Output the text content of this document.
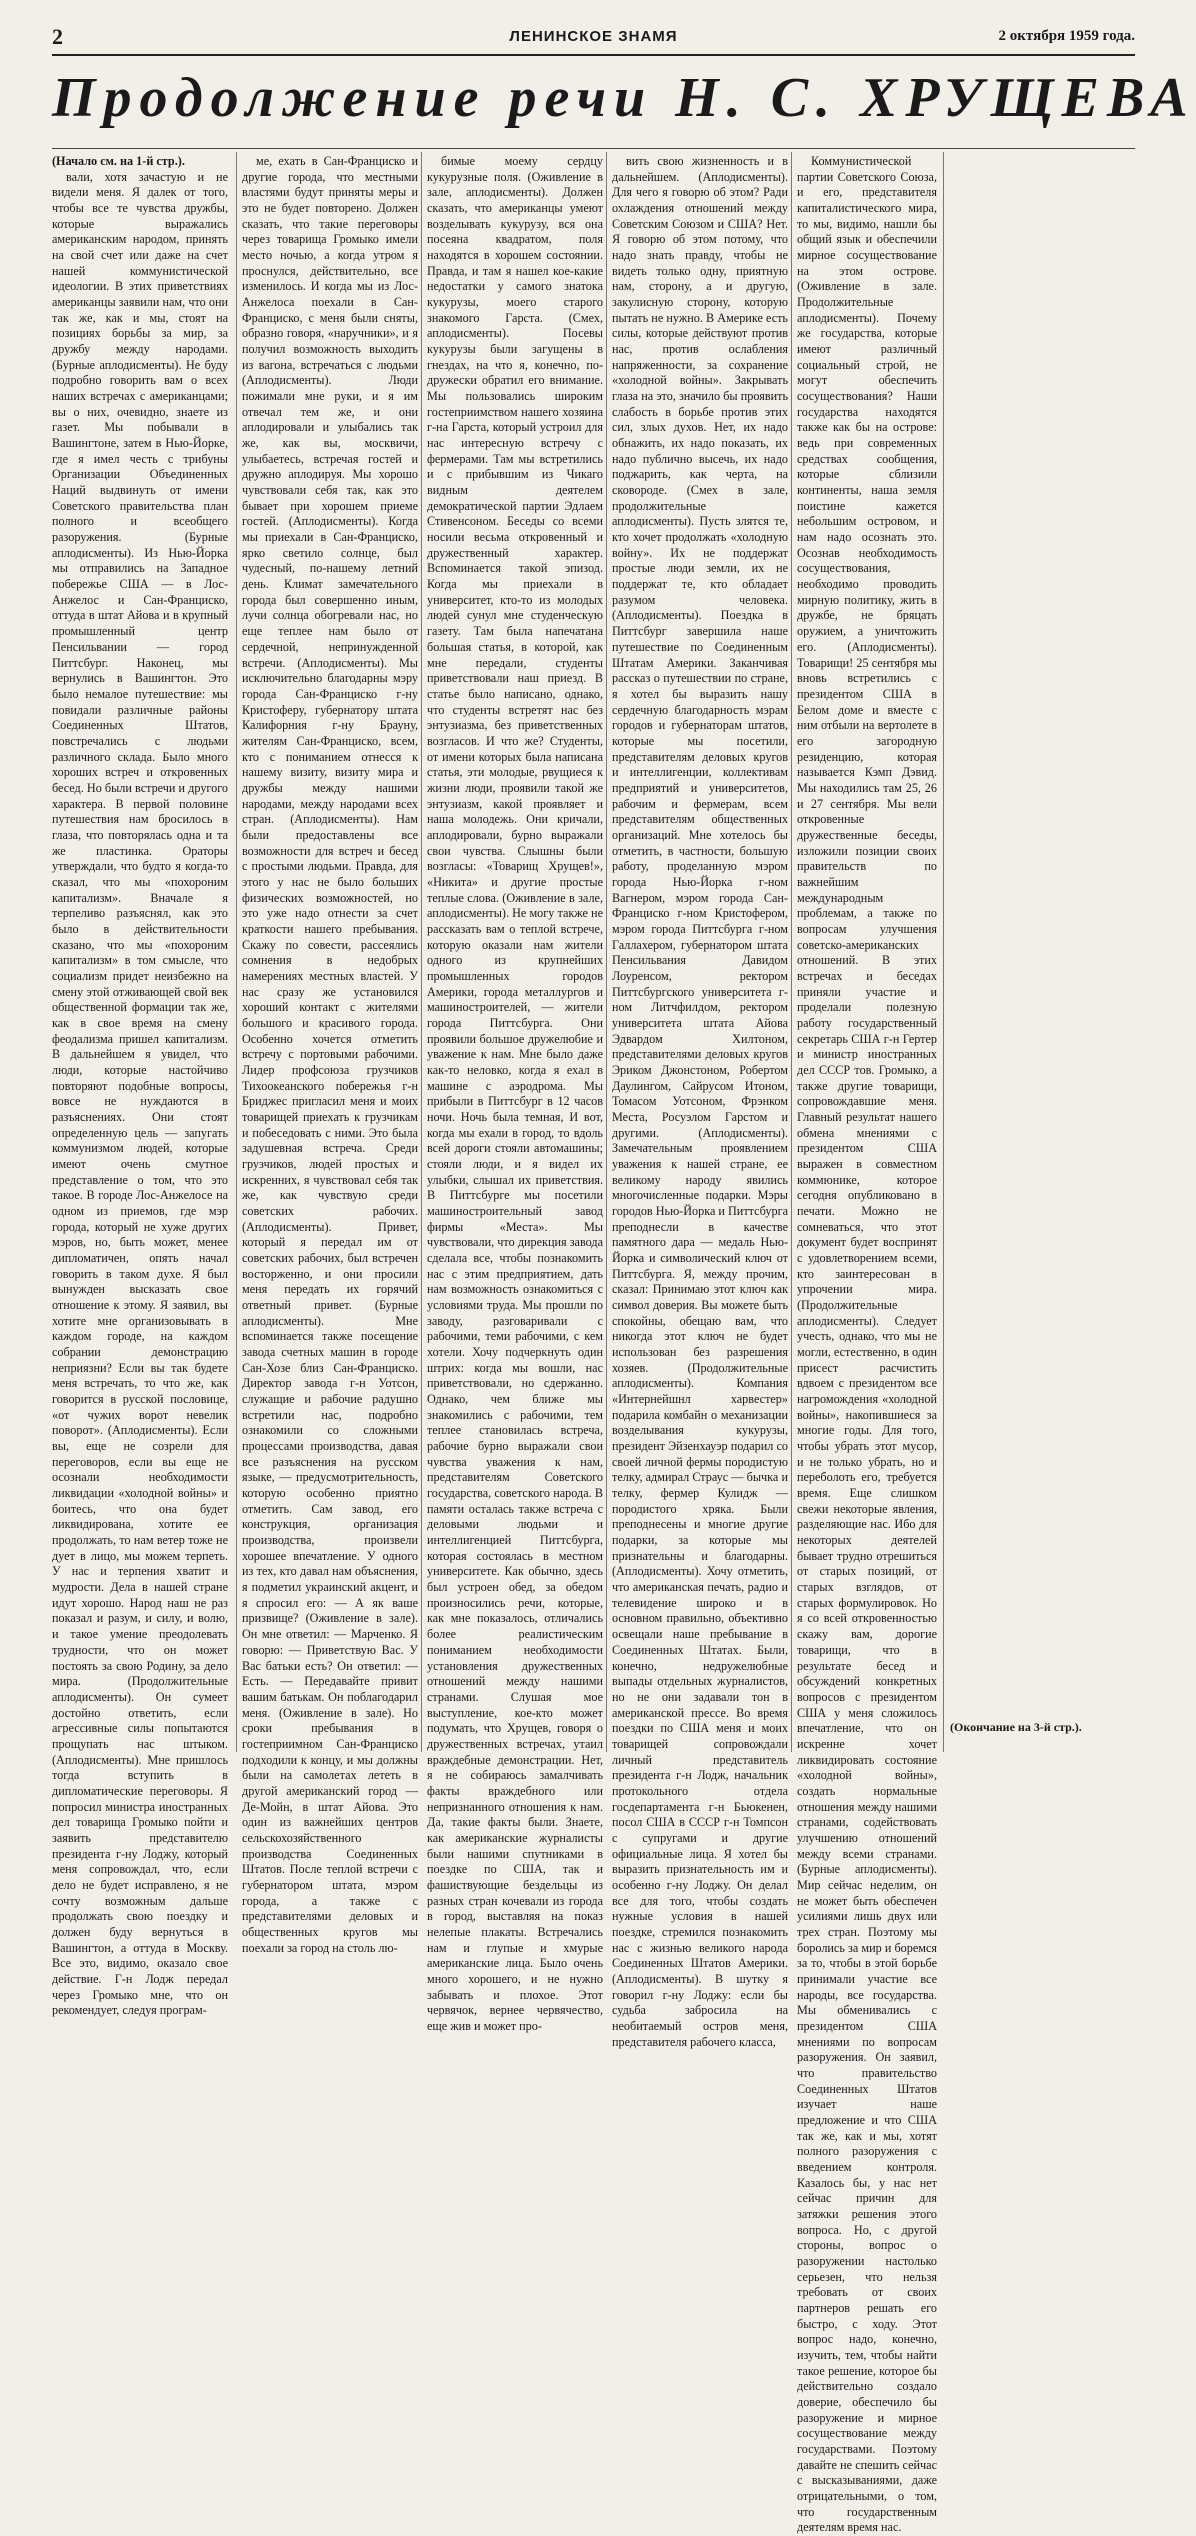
2	ЛЕНИНСКОЕ ЗНАМЯ	2 октября 1959 года.
Продолжение речи Н. С. ХРУЩЕВА

(Начало см. на 1-й стр.).

вали, хотя зачастую и не видели меня. Я далек от того, чтобы все те чувства дружбы, которые выражались американским народом, принять на свой счет или даже на счет нашей коммунистической идеологии. В этих приветствиях американцы заявили нам, что они так же, как и мы, стоят на позициях борьбы за мир, за дружбу между народами. (Бурные аплодисменты). Не буду подробно говорить вам о всех наших встречах с американцами; вы о них, очевидно, знаете из газет. Мы побывали в Вашингтоне, затем в Нью-Йорке, где я имел честь с трибуны Организации Объединенных Наций выдвинуть от имени Советского правительства план полного и всеобщего разоружения. (Бурные аплодисменты). Из Нью-Йорка мы отправились на Западное побережье США — в Лос-Анжелос и Сан-Франциско, оттуда в штат Айова и в крупный промышленный центр Пенсильвании — город Питтсбург. Наконец, мы вернулись в Вашингтон. Это было немалое путешествие: мы повидали различные районы Соединенных Штатов, повстречались с людьми различного склада. Было много хороших встреч и откровенных бесед. Но были встречи и другого характера. В первой половине путешествия нам бросилось в глаза, что повторялась одна и та же пластинка. Ораторы утверждали, что будто я когда-то сказал, что мы «похороним капитализм». Вначале я терпеливо разъяснял, как это было в действительности сказано, что мы «похороним капитализм» в том смысле, что социализм придет неизбежно на смену этой отживающей свой век общественной формации так же, как в свое время на смену феодализма пришел капитализм. В дальнейшем я увидел, что люди, которые настойчиво повторяют подобные вопросы, вовсе не нуждаются в разъяснениях. Они стоят определенную цель — запугать коммунизмом людей, которые имеют очень смутное представление о том, что это такое. В городе Лос-Анжелосе на одном из приемов, где мэр города, который не хуже других мэров, но, быть может, менее дипломатичен, опять начал говорить в таком духе. Я был вынужден высказать свое отношение к этому. Я заявил, вы хотите мне организовывать в каждом городе, на каждом собрании демонстрацию неприязни? Если вы так будете меня встречать, то что же, как говорится в русской пословице, «от чужих ворот невелик поворот». (Аплодисменты). Если вы, еще не созрели для переговоров, если вы еще не осознали необходимости ликвидации «холодной войны» и боитесь, что она будет ликвидирована, хотите ее продолжать, то нам ветер тоже не дует в лицо, мы можем терпеть. У нас и терпения хватит и мудрости. Дела в нашей стране идут хорошо. Народ наш не раз показал и разум, и силу, и волю, и такое умение преодолевать трудности, что он может постоять за свою Родину, за дело мира. (Продолжительные аплодисменты). Он сумеет достойно ответить, если агрессивные силы попытаются прощупать нас штыком. (Аплодисменты). Мне пришлось тогда вступить в дипломатические переговоры. Я попросил министра иностранных дел товарища Громыко пойти и заявить представителю президента г-ну Лоджу, который меня сопровождал, что, если дело не будет исправлено, я не сочту возможным дальше продолжать свою поездку и должен буду вернуться в Вашингтон, а оттуда в Москву. Все это, видимо, оказало свое действие. Г-н Лодж передал через Громыко мне, что он рекомендует, следуя програм-

ме, ехать в Сан-Франциско и другие города, что местными властями будут приняты меры и это не будет повторено. Должен сказать, что такие переговоры через товарища Громыко имели место ночью, а когда утром я проснулся, действительно, все изменилось. И когда мы из Лос-Анжелоса поехали в Сан-Франциско, с меня были сняты, образно говоря, «наручники», и я получил возможность выходить из вагона, встречаться с людьми (Аплодисменты). Люди пожимали мне руки, и я им отвечал тем же, и они аплодировали и улыбались так же, как вы, москвичи, улыбаетесь, встречая гостей и дружно аплодируя. Мы хорошо чувствовали себя так, как это бывает при хорошем приеме гостей. (Аплодисменты). Когда мы приехали в Сан-Франциско, ярко светило солнце, был чудесный, по-нашему летний день. Климат замечательного города был совершенно иным, лучи солнца обогревали нас, но еще теплее нам было от сердечной, непринужденной встречи. (Аплодисменты). Мы исключительно благодарны мэру города Сан-Франциско г-ну Кристоферу, губернатору штата Калифорния г-ну Брауну, жителям Сан-Франциско, всем, кто с пониманием отнесся к нашему визиту, визиту мира и дружбы между нашими народами, между народами всех стран. (Аплодисменты). Нам были предоставлены все возможности для встреч и бесед с простыми людьми. Правда, для этого у нас не было больших физических возможностей, но это уже надо отнести за счет краткости нашего пребывания. Скажу по совести, рассеялись сомнения в недобрых намерениях местных властей. У нас сразу же установился хороший контакт с жителями большого и красивого города. Особенно хочется отметить встречу с портовыми рабочими. Лидер профсоюза грузчиков Тихоокеанского побережья г-н Бриджес пригласил меня и моих товарищей приехать к грузчикам и побеседовать с ними. Это была задушевная встреча. Среди грузчиков, людей простых и искренних, я чувствовал себя так же, как чувствую среди советских рабочих. (Аплодисменты). Привет, который я передал им от советских рабочих, был встречен восторженно, и они просили меня передать их горячий ответный привет. (Бурные аплодисменты). Мне вспоминается также посещение завода счетных машин в городе Сан-Хозе близ Сан-Франциско. Директор завода г-н Уотсон, служащие и рабочие радушно встретили нас, подробно ознакомили со сложными процессами производства, давая все разъяснения на русском языке, — предусмотрительность, которую особенно приятно отметить. Сам завод, его конструкция, организация производства, произвели хорошее впечатление. У одного из тех, кто давал нам объяснения, я подметил украинский акцент, и я спросил его: — А як ваше призвище? (Оживление в зале). Он мне ответил: — Марченко. Я говорю: — Приветствую Вас. У Вас батьки есть? Он ответил: — Есть. — Передавайте привит вашим батькам. Он поблагодарил меня. (Оживление в зале). Но сроки пребывания в гостеприимном Сан-Франциско подходили к концу, и мы должны были на самолетах лететь в другой американский город — Де-Мойн, в штат Айова. Это один из важнейших центров сельскохозяйственного производства Соединенных Штатов. После теплой встречи с губернатором штата, мэром города, а также с представителями деловых и общественных кругов мы поехали за город на столь лю-

бимые моему сердцу кукурузные поля. (Оживление в зале, аплодисменты). Должен сказать, что американцы умеют возделывать кукурузу, вся она посеяна квадратом, поля находятся в хорошем состоянии. Правда, и там я нашел кое-какие недостатки у самого знатока кукурузы, моего старого знакомого Гарста. (Смех, аплодисменты). Посевы кукурузы были загущены в гнездах, на что я, конечно, по-дружески обратил его внимание. Мы пользовались широким гостеприимством нашего хозяина г-на Гарста, который устроил для нас интересную встречу с фермерами. Там мы встретились и с прибывшим из Чикаго видным деятелем демократической партии Эдлаем Стивенсоном. Беседы со всеми носили весьма откровенный и дружественный характер. Вспоминается такой эпизод. Когда мы приехали в университет, кто-то из молодых людей сунул мне студенческую газету. Там была напечатана большая статья, в которой, как мне передали, студенты приветствовали наш приезд. В статье было написано, однако, что студенты встретят нас без энтузиазма, без приветственных возгласов. И что же? Студенты, от имени которых была написана статья, эти молодые, рвущиеся к жизни люди, проявили такой же энтузиазм, какой проявляет и наша молодежь. Они кричали, аплодировали, бурно выражали свои чувства. Слышны были возгласы: «Товарищ Хрущев!», «Никита» и другие простые теплые слова. (Оживление в зале, аплодисменты). Не могу также не рассказать вам о теплой встрече, которую оказали нам жители одного из крупнейших промышленных городов Америки, города металлургов и машиностроителей, — жители города Питтсбурга. Они проявили большое дружелюбие и уважение к нам. Мне было даже как-то неловко, когда я ехал в машине с аэродрома. Мы прибыли в Питтсбург в 12 часов ночи. Ночь была темная, И вот, когда мы ехали в город, то вдоль всей дороги стояли автомашины; стояли люди, и я видел их улыбки, слышал их приветствия. В Питтсбурге мы посетили машиностроительный завод фирмы «Места». Мы чувствовали, что дирекция завода сделала все, чтобы познакомить нас с этим предприятием, дать нам возможность ознакомиться с условиями труда. Мы прошли по заводу, разговаривали с рабочими, теми рабочими, с кем хотели. Хочу подчеркнуть один штрих: когда мы вошли, нас приветствовали, но сдержанно. Однако, чем ближе мы знакомились с рабочими, тем теплее становилась встреча, рабочие бурно выражали свои чувства уважения к нам, представителям Советского государства, советского народа. В памяти осталась также встреча с деловыми людьми и интеллигенцией Питтсбурга, которая состоялась в местном университете. Как обычно, здесь был устроен обед, за обедом произносились речи, которые, как мне показалось, отличались более реалистическим пониманием необходимости установления дружественных отношений между нашими странами. Слушая мое выступление, кое-кто может подумать, что Хрущев, говоря о дружественных встречах, утаил враждебные демонстрации. Нет, я не собираюсь замалчивать факты враждебного или непризнанного отношения к нам. Да, такие факты были. Знаете, как американские журналисты были нашими спутниками в поездке по США, так и фашиствующие бездельцы из разных стран кочевали из города в город, выставляя на показ нелепые плакаты. Встречались нам и глупые и хмурые американские лица. Было очень много хорошего, и не нужно забывать и плохое. Этот червячок, вернее червячество, еще жив и может про-

вить свою жизненность и в дальнейшем. (Аплодисменты). Для чего я говорю об этом? Ради охлаждения отношений между Советским Союзом и США? Нет. Я говорю об этом потому, что надо знать правду, чтобы не видеть только одну, приятную нам, сторону, а и другую, закулисную сторону, которую пытать не нужно. В Америке есть силы, которые действуют против нас, против ослабления напряженности, за сохранение «холодной войны». Закрывать глаза на это, значило бы проявить слабость в борьбе против этих сил, злых духов. Нет, их надо обнажить, их надо показать, их надо публично высечь, их надо поджарить, как черта, на сковороде. (Смех в зале, продолжительные аплодисменты). Пусть злятся те, кто хочет продолжать «холодную войну». Их не поддержат простые люди земли, их не поддержат те, кто обладает разумом человека. (Аплодисменты). Поездка в Питтсбург завершила наше путешествие по Соединенным Штатам Америки. Заканчивая рассказ о путешествии по стране, я хотел бы выразить нашу сердечную благодарность мэрам городов и губернаторам штатов, которые мы посетили, представителям деловых кругов и интеллигенции, коллективам предприятий и университетов, рабочим и фермерам, всем представителям общественных организаций. Мне хотелось бы отметить, в частности, большую работу, проделанную мэром города Нью-Йорка г-ном Вагнером, мэром города Сан-Франциско г-ном Кристофером, мэром города Питтсбурга г-ном Галлахером, губернатором штата Пенсильвания Давидом Лоуренсом, ректором Питтсбургского университета г-ном Литчфилдом, ректором университета штата Айова Эдвардом Хилтоном, представителями деловых кругов Эриком Джонстоном, Робертом Даулингом, Сайрусом Итоном, Томасом Уотсоном, Фрэнком Места, Росуэлом Гарстом и другими. (Аплодисменты). Замечательным проявлением уважения к нашей стране, ее великому народу явились многочисленные подарки. Мэры городов Нью-Йорка и Питтсбурга преподнесли в качестве памятного дара — медаль Нью-Йорка и символический ключ от Питтсбурга. Я, между прочим, сказал: Принимаю этот ключ как символ доверия. Вы можете быть спокойны, обещаю вам, что никогда этот ключ не будет использован без разрешения хозяев. (Продолжительные аплодисменты). Компания «Интернейшнл харвестер» подарила комбайн о механизации возделывания кукурузы, президент Эйзенхауэр подарил со своей личной фермы породистую телку, адмирал Страус — бычка и телку, фермер Кулидж — породистого хряка. Были преподнесены и многие другие подарки, за которые мы признательны и благодарны. (Аплодисменты). Хочу отметить, что американская печать, радио и телевидение широко и в основном правильно, объективно освещали наше пребывание в Соединенных Штатах. Были, конечно, недружелюбные выпады отдельных журналистов, но не они задавали тон в американской прессе. Во время поездки по США меня и моих товарищей сопровождали личный представитель президента г-н Лодж, начальник протокольного отдела госдепартамента г-н Бьюкенен, посол США в СССР г-н Томпсон с супругами и другие официальные лица. Я хотел бы выразить признательность им и особенно г-ну Лоджу. Он делал все для того, чтобы создать нужные условия в нашей поездке, стремился познакомить нас с жизнью великого народа Соединенных Штатов Америки. (Аплодисменты). В шутку я говорил г-ну Лоджу: если бы судьба забросила на необитаемый остров меня, представителя рабочего класса,

Коммунистической партии Советского Союза, и его, представителя капиталистического мира, то мы, видимо, нашли бы общий язык и обеспечили мирное сосуществование на этом острове. (Оживление в зале. Продолжительные аплодисменты). Почему же государства, которые имеют различный социальный строй, не могут обеспечить сосуществования? Наши государства находятся также как бы на острове: ведь при современных средствах сообщения, которые сблизили континенты, наша земля поистине кажется небольшим островом, и нам надо осознать это. Осознав необходимость сосуществования, необходимо проводить мирную политику, жить в дружбе, не бряцать оружием, а уничтожить его. (Аплодисменты). Товарищи! 25 сентября мы вновь встретились с президентом США в Белом доме и вместе с ним отбыли на вертолете в его загородную резиденцию, которая называется Кэмп Дэвид. Мы находились там 25, 26 и 27 сентября. Мы вели откровенные дружественные беседы, изложили позиции своих правительств по важнейшим международным проблемам, а также по вопросам улучшения советско-американских отношений. В этих встречах и беседах приняли участие и проделали полезную работу государственный секретарь США г-н Гертер и министр иностранных дел СССР тов. Громыко, а также другие товарищи, сопровождавшие меня. Главный результат нашего обмена мнениями с президентом США выражен в совместном коммюнике, которое сегодня опубликовано в печати. Можно не сомневаться, что этот документ будет воспринят с удовлетворением всеми, кто заинтересован в упрочении мира. (Продолжительные аплодисменты). Следует учесть, однако, что мы не могли, естественно, в один присест расчистить вдвоем с президентом все нагромождения «холодной войны», накопившиеся за многие годы. Для того, чтобы убрать этот мусор, и не только убрать, но и переболоть его, требуется время. Еще слишком свежи некоторые явления, разделяющие нас. Ибо для некоторых деятелей бывает трудно отрешиться от старых позиций, от старых взглядов, от старых формулировок. Но я со всей откровенностью скажу вам, дорогие товарищи, что в результате бесед и обсуждений конкретных вопросов с президентом США у меня сложилось впечатление, что он искренне хочет ликвидировать состояние «холодной войны», создать нормальные отношения между нашими странами, содействовать улучшению отношений между всеми странами. (Бурные аплодисменты). Мир сейчас неделим, он не может быть обеспечен усилиями лишь двух или трех стран. Поэтому мы боролись за мир и боремся за то, чтобы в этой борьбе принимали участие все народы, все государства. Мы обменивались с президентом США мнениями по вопросам разоружения. Он заявил, что правительство Соединенных Штатов изучает наше предложение и что США так же, как и мы, хотят полного разоружения с введением контроля. Казалось бы, у нас нет сейчас причин для затяжки решения этого вопроса. Но, с другой стороны, вопрос о разоружении настолько серьезен, что нельзя требовать от своих партнеров решать его быстро, с ходу. Этот вопрос надо, конечно, изучить, тем, чтобы найти такое решение, которое бы действительно создало доверие, обеспечило бы разоружение и мирное сосуществование между государствами. Поэтому давайте не спешить сейчас с высказываниями, даже отрицательными, о том, что государственным деятелям время нас.

(Окончание на 3-й стр.).
